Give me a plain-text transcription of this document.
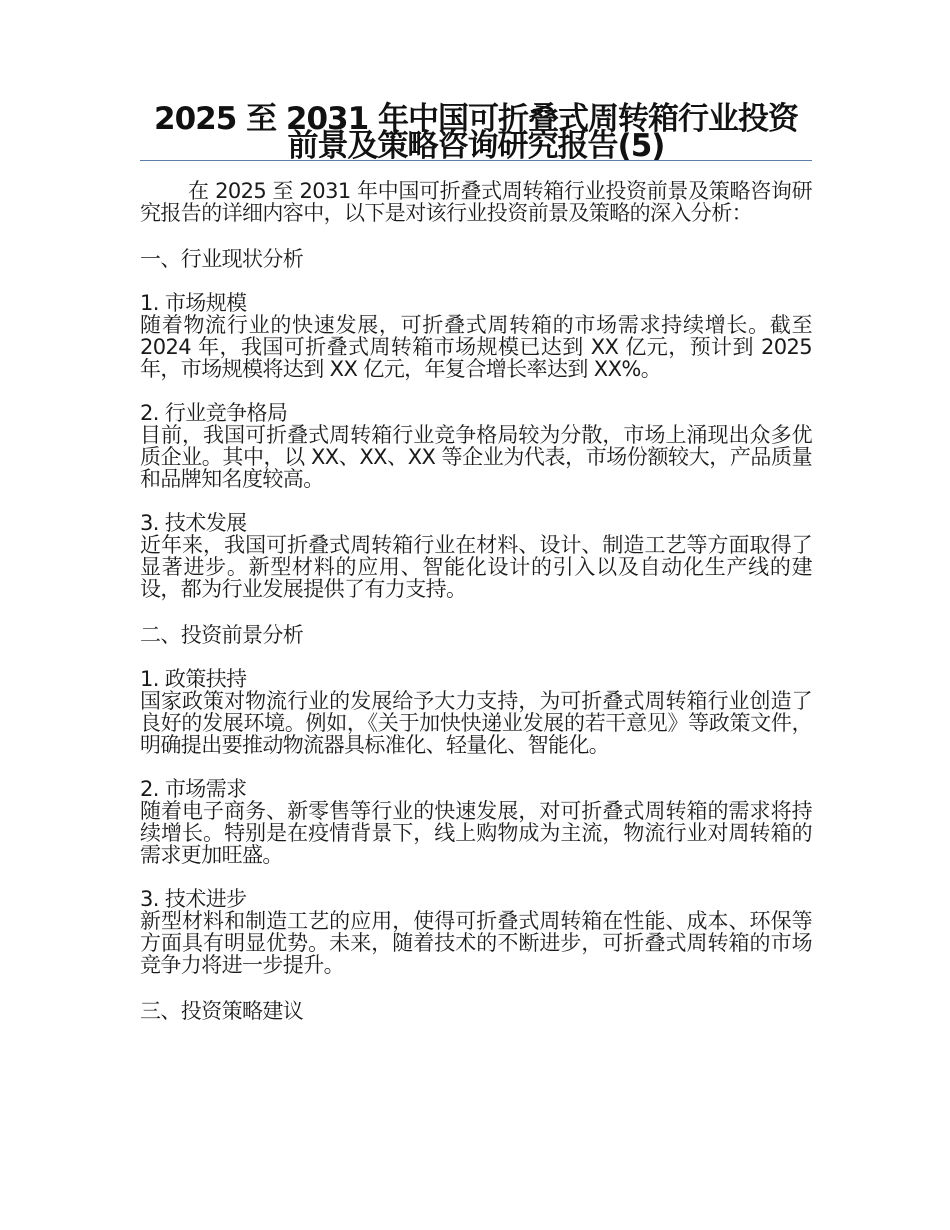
2025 至 2031 年中国可折叠式周转箱行业投资前景及策略咨询研究报告(5)

在 2025 至 2031 年中国可折叠式周转箱行业投资前景及策略咨询研究报告的详细内容中，以下是对该行业投资前景及策略的深入分析：

一、行业现状分析

1. 市场规模

随着物流行业的快速发展，可折叠式周转箱的市场需求持续增长。截至 2024 年，我国可折叠式周转箱市场规模已达到 XX 亿元，预计到 2025 年，市场规模将达到 XX 亿元，年复合增长率达到 XX%。

2. 行业竞争格局

目前，我国可折叠式周转箱行业竞争格局较为分散，市场上涌现出众多优质企业。其中，以 XX、XX、XX 等企业为代表，市场份额较大，产品质量和品牌知名度较高。

3. 技术发展

近年来，我国可折叠式周转箱行业在材料、设计、制造工艺等方面取得了显著进步。新型材料的应用、智能化设计的引入以及自动化生产线的建设，都为行业发展提供了有力支持。

二、投资前景分析

1. 政策扶持

国家政策对物流行业的发展给予大力支持，为可折叠式周转箱行业创造了良好的发展环境。例如，《关于加快快递业发展的若干意见》等政策文件，明确提出要推动物流器具标准化、轻量化、智能化。

2. 市场需求

随着电子商务、新零售等行业的快速发展，对可折叠式周转箱的需求将持续增长。特别是在疫情背景下，线上购物成为主流，物流行业对周转箱的需求更加旺盛。

3. 技术进步

新型材料和制造工艺的应用，使得可折叠式周转箱在性能、成本、环保等方面具有明显优势。未来，随着技术的不断进步，可折叠式周转箱的市场竞争力将进一步提升。

三、投资策略建议
